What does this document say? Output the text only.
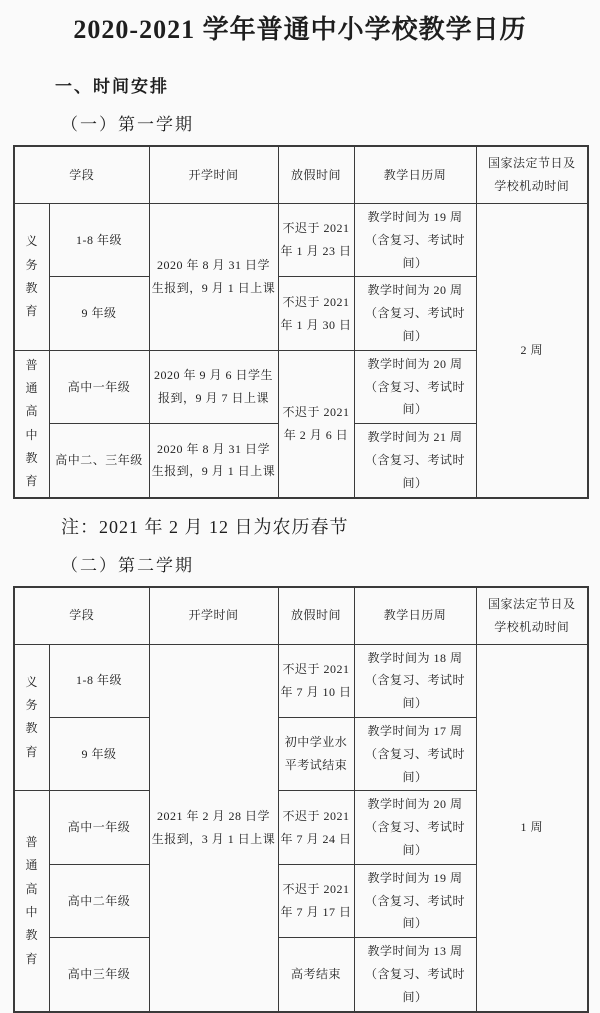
2020-2021 学年普通中小学校教学日历
一、时间安排
（一）第一学期
学段		开学时间	放假时间	教学日历周	国家法定节日及学校机动时间
义务教育	1-8 年级	2020 年 8 月 31 日学生报到，9 月 1 日上课	不迟于 2021 年 1 月 23 日	教学时间为 19 周（含复习、考试时间）	2 周
	9 年级		不迟于 2021 年 1 月 30 日	教学时间为 20 周（含复习、考试时间）	
普通高中教育	高中一年级	2020 年 9 月 6 日学生报到，9 月 7 日上课	不迟于 2021 年 2 月 6 日	教学时间为 20 周（含复习、考试时间）	
	高中二、三年级	2020 年 8 月 31 日学生报到，9 月 1 日上课		教学时间为 21 周（含复习、考试时间）	
注：2021 年 2 月 12 日为农历春节
（二）第二学期
学段		开学时间	放假时间	教学日历周	国家法定节日及学校机动时间
义务教育	1-8 年级	2021 年 2 月 28 日学生报到，3 月 1 日上课	不迟于 2021 年 7 月 10 日	教学时间为 18 周（含复习、考试时间）	1 周
	9 年级		初中学业水平考试结束	教学时间为 17 周（含复习、考试时间）	
普通高中教育	高中一年级		不迟于 2021 年 7 月 24 日	教学时间为 20 周（含复习、考试时间）	
	高中二年级		不迟于 2021 年 7 月 17 日	教学时间为 19 周（含复习、考试时间）	
	高中三年级		高考结束	教学时间为 13 周（含复习、考试时间）	
